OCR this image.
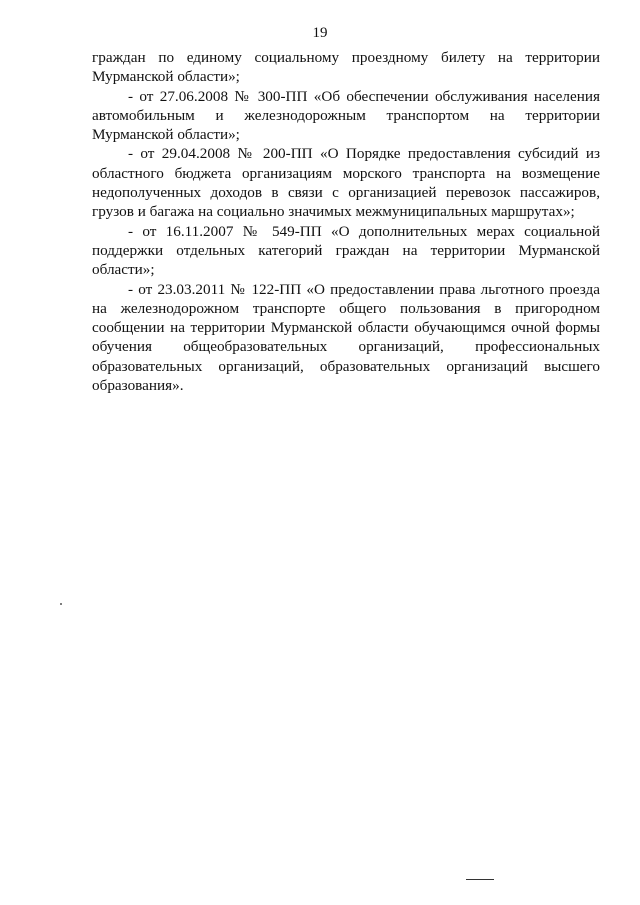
19

граждан по единому социальному проездному билету на территории Мурманской области»;

- от 27.06.2008 № 300-ПП «Об обеспечении обслуживания населения автомобильным и железнодорожным транспортом на территории Мурманской области»;

- от 29.04.2008 № 200-ПП «О Порядке предоставления субсидий из областного бюджета организациям морского транспорта на возмещение недополученных доходов в связи с организацией перевозок пассажиров, грузов и багажа на социально значимых межмуниципальных маршрутах»;

- от 16.11.2007 № 549-ПП «О дополнительных мерах социальной поддержки отдельных категорий граждан на территории Мурманской области»;

- от 23.03.2011 № 122-ПП «О предоставлении права льготного проезда на железнодорожном транспорте общего пользования в пригородном сообщении на территории Мурманской области обучающимся очной формы обучения общеобразовательных организаций, профессиональных образовательных организаций, образовательных организаций высшего образования».
